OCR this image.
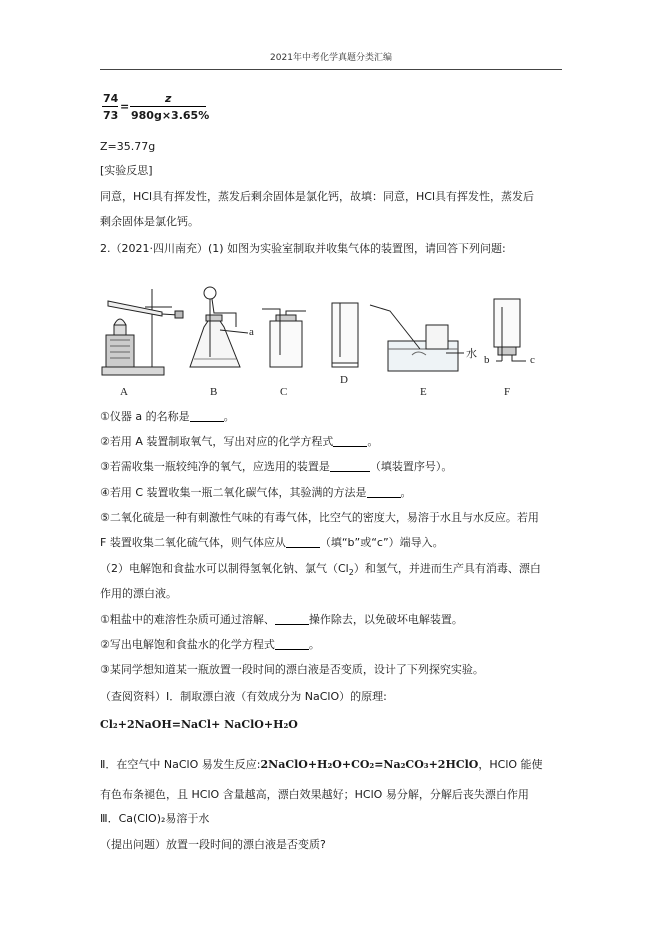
2021年中考化学真题分类汇编
74
73
=
z
980g×3.65%
Z=35.77g
[实验反思]
同意，HCl具有挥发性，蒸发后剩余固体是氯化钙，故填：同意，HCl具有挥发性，蒸发后
剩余固体是氯化钙。
2.（2021·四川南充）(1) 如图为实验室制取并收集气体的装置图，请回答下列问题:
a
水 b	c
A	B	C
D
E	F
①仪器 a 的名称是	。
②若用 A 装置制取氧气，写出对应的化学方程式	。
③若需收集一瓶较纯净的氧气，应选用的装置是	（填装置序号）。
④若用 C 装置收集一瓶二氧化碳气体，其验满的方法是	。
⑤二氧化硫是一种有刺激性气味的有毒气体，比空气的密度大，易溶于水且与水反应。若用
F 装置收集二氧化硫气体，则气体应从	（填“b”或“c”）端导入。
（2）电解饱和食盐水可以制得氢氧化钠、氯气$(Cl_2)$和氢气，并进而生产具有消毒、漂白
作用的漂白液。
①粗盐中的难溶性杂质可通过溶解、	操作除去，以免破坏电解装置。
②写出电解饱和食盐水的化学方程式	。
③某同学想知道某一瓶放置一段时间的漂白液是否变质，设计了下列探究实验。
（查阅资料）Ⅰ．制取漂白液（有效成分为 NaClO）的原理:
Cl₂+2NaOH=NaCl+ NaClO+H₂O
Ⅱ．在空气中 NaClO 易发生反应:2NaClO+H₂O+CO₂=Na₂CO₃+2HClO，HClO 能使
有色布条褪色，且 HClO 含量越高，漂白效果越好；HClO 易分解，分解后丧失漂白作用
Ⅲ．Ca(ClO)₂易溶于水
（提出问题）放置一段时间的漂白液是否变质?
